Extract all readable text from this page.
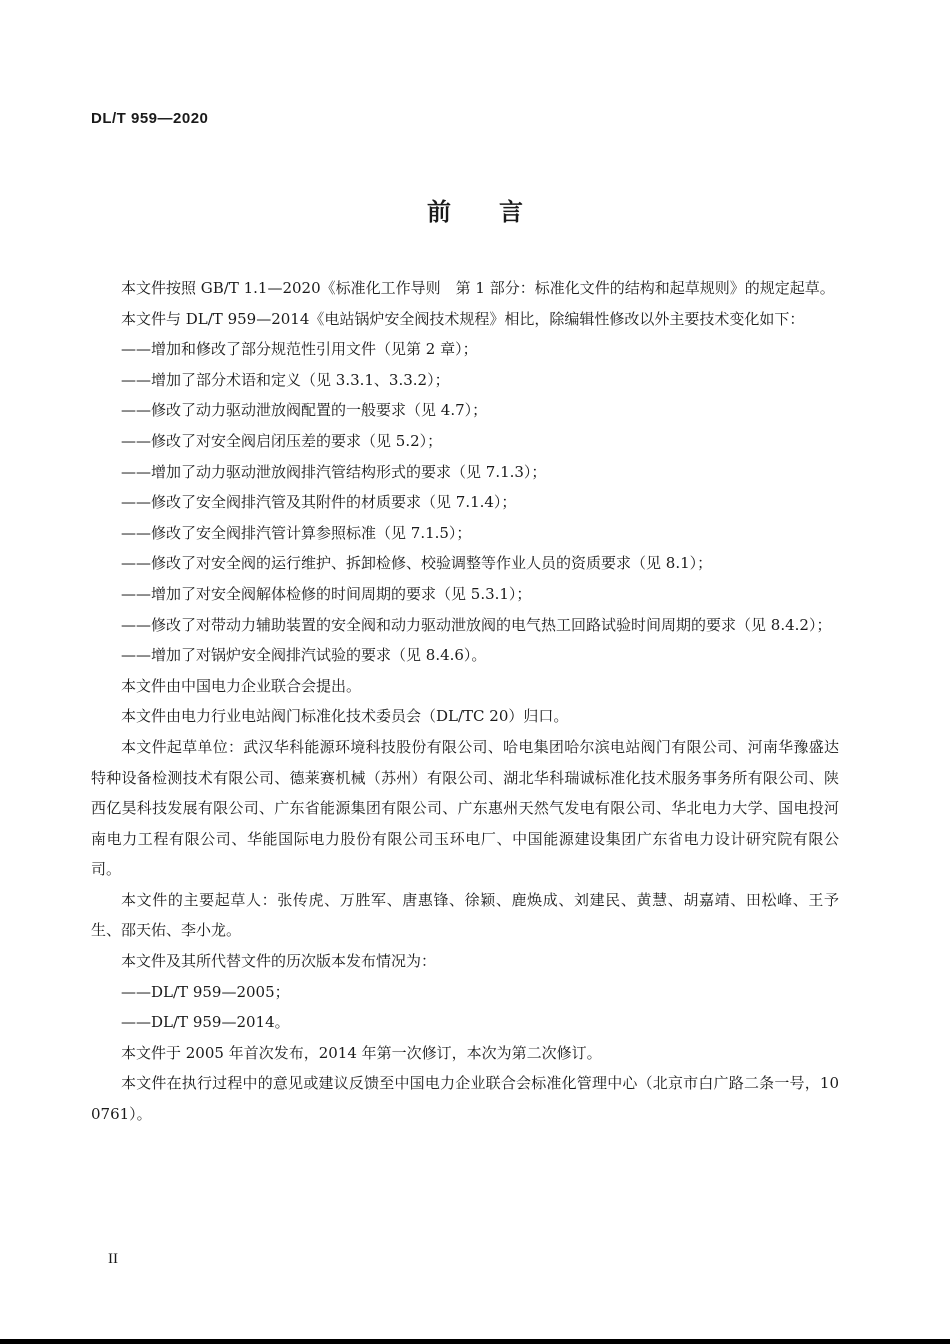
DL/T 959—2020
前言

本文件按照 GB/T 1.1—2020《标准化工作导则　第 1 部分：标准化文件的结构和起草规则》的规定起草。

本文件与 DL/T 959—2014《电站锅炉安全阀技术规程》相比，除编辑性修改以外主要技术变化如下：

——增加和修改了部分规范性引用文件（见第 2 章）；

——增加了部分术语和定义（见 3.3.1、3.3.2）；

——修改了动力驱动泄放阀配置的一般要求（见 4.7）；

——修改了对安全阀启闭压差的要求（见 5.2）；

——增加了动力驱动泄放阀排汽管结构形式的要求（见 7.1.3）；

——修改了安全阀排汽管及其附件的材质要求（见 7.1.4）；

——修改了安全阀排汽管计算参照标准（见 7.1.5）；

——修改了对安全阀的运行维护、拆卸检修、校验调整等作业人员的资质要求（见 8.1）；

——增加了对安全阀解体检修的时间周期的要求（见 5.3.1）；

——修改了对带动力辅助装置的安全阀和动力驱动泄放阀的电气热工回路试验时间周期的要求（见 8.4.2）；

——增加了对锅炉安全阀排汽试验的要求（见 8.4.6）。

本文件由中国电力企业联合会提出。

本文件由电力行业电站阀门标准化技术委员会（DL/TC 20）归口。

本文件起草单位：武汉华科能源环境科技股份有限公司、哈电集团哈尔滨电站阀门有限公司、河南华豫盛达特种设备检测技术有限公司、德莱赛机械（苏州）有限公司、湖北华科瑞诚标准化技术服务事务所有限公司、陕西亿昊科技发展有限公司、广东省能源集团有限公司、广东惠州天然气发电有限公司、华北电力大学、国电投河南电力工程有限公司、华能国际电力股份有限公司玉环电厂、中国能源建设集团广东省电力设计研究院有限公司。

本文件的主要起草人：张传虎、万胜军、唐惠锋、徐颖、鹿焕成、刘建民、黄慧、胡嘉靖、田松峰、王予生、邵天佑、李小龙。

本文件及其所代替文件的历次版本发布情况为：

——DL/T 959—2005；

——DL/T 959—2014。

本文件于 2005 年首次发布，2014 年第一次修订，本次为第二次修订。

本文件在执行过程中的意见或建议反馈至中国电力企业联合会标准化管理中心（北京市白广路二条一号，100761）。

II
